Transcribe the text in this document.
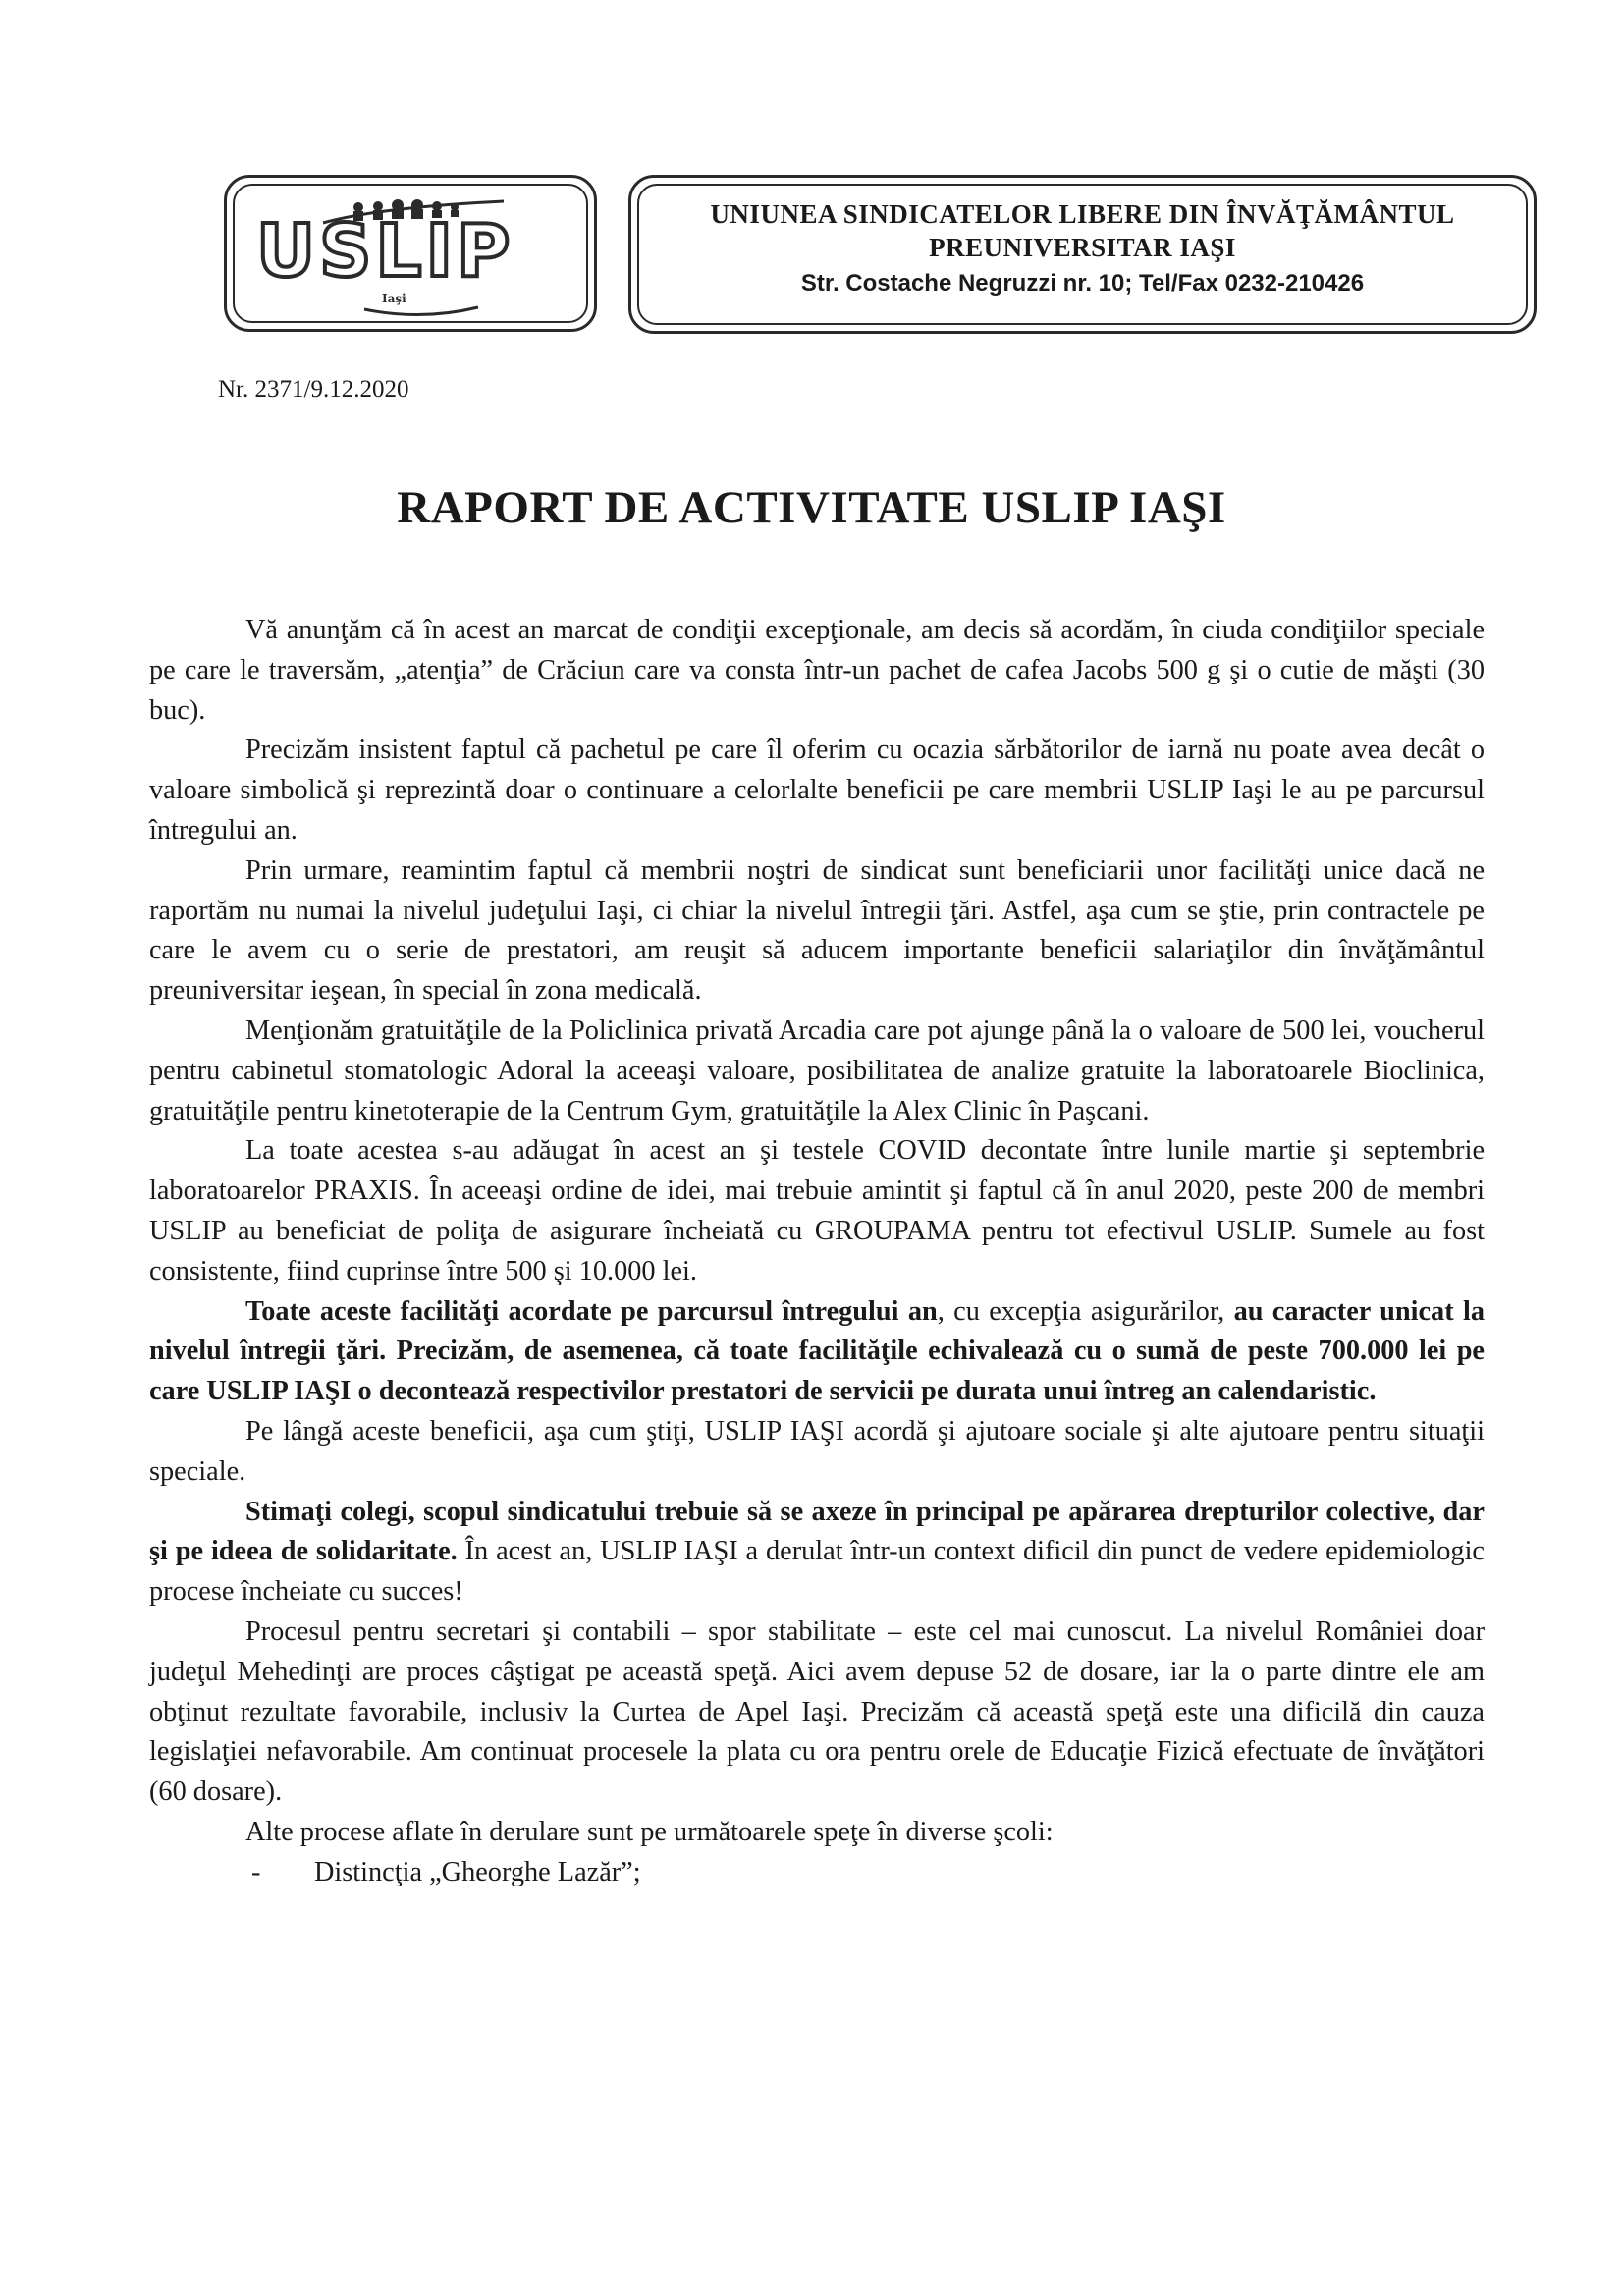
USLIP
Iaşi
UNIUNEA SINDICATELOR LIBERE DIN ÎNVĂŢĂMÂNTUL
PREUNIVERSITAR IAŞI
Str. Costache Negruzzi nr. 10; Tel/Fax 0232-210426
Nr. 2371/9.12.2020
RAPORT DE ACTIVITATE USLIP IAŞI

Vă anunţăm că în acest an marcat de condiţii excepţionale, am decis să acordăm, în ciuda condiţiilor speciale pe care le traversăm, „atenţia” de Crăciun care va consta într-un pachet de cafea Jacobs 500 g şi o cutie de măşti (30 buc).

Precizăm insistent faptul că pachetul pe care îl oferim cu ocazia sărbătorilor de iarnă nu poate avea decât o valoare simbolică şi reprezintă doar o continuare a celorlalte beneficii pe care membrii USLIP Iaşi le au pe parcursul întregului an.

Prin urmare, reamintim faptul că membrii noştri de sindicat sunt beneficiarii unor facilităţi unice dacă ne raportăm nu numai la nivelul judeţului Iaşi, ci chiar la nivelul întregii ţări. Astfel, aşa cum se ştie, prin contractele pe care le avem cu o serie de prestatori, am reuşit să aducem importante beneficii salariaţilor din învăţământul preuniversitar ieşean, în special în zona medicală.

Menţionăm gratuităţile de la Policlinica privată Arcadia care pot ajunge până la o valoare de 500 lei, voucherul pentru cabinetul stomatologic Adoral la aceeaşi valoare, posibilitatea de analize gratuite la laboratoarele Bioclinica, gratuităţile pentru kinetoterapie de la Centrum Gym, gratuităţile la Alex Clinic în Paşcani.

La toate acestea s-au adăugat în acest an şi testele COVID decontate între lunile martie şi septembrie laboratoarelor PRAXIS. În aceeaşi ordine de idei, mai trebuie amintit şi faptul că în anul 2020, peste 200 de membri USLIP au beneficiat de poliţa de asigurare încheiată cu GROUPAMA pentru tot efectivul USLIP. Sumele au fost consistente, fiind cuprinse între 500 şi 10.000 lei.

Toate aceste facilităţi acordate pe parcursul întregului an, cu excepţia asigurărilor, au caracter unicat la nivelul întregii ţări. Precizăm, de asemenea, că toate facilităţile echivalează cu o sumă de peste 700.000 lei pe care USLIP IAŞI o decontează respectivilor prestatori de servicii pe durata unui întreg an calendaristic.

Pe lângă aceste beneficii, aşa cum ştiţi, USLIP IAŞI acordă şi ajutoare sociale şi alte ajutoare pentru situaţii speciale.

Stimaţi colegi, scopul sindicatului trebuie să se axeze în principal pe apărarea drepturilor colective, dar şi pe ideea de solidaritate. În acest an, USLIP IAŞI a derulat într-un context dificil din punct de vedere epidemiologic procese încheiate cu succes!

Procesul pentru secretari şi contabili – spor stabilitate – este cel mai cunoscut. La nivelul României doar judeţul Mehedinţi are proces câştigat pe această speţă. Aici avem depuse 52 de dosare, iar la o parte dintre ele am obţinut rezultate favorabile, inclusiv la Curtea de Apel Iaşi. Precizăm că această speţă este una dificilă din cauza legislaţiei nefavorabile. Am continuat procesele la plata cu ora pentru orele de Educaţie Fizică efectuate de învăţători (60 dosare).

Alte procese aflate în derulare sunt pe următoarele speţe în diverse şcoli:

- Distincţia „Gheorghe Lazăr”;
